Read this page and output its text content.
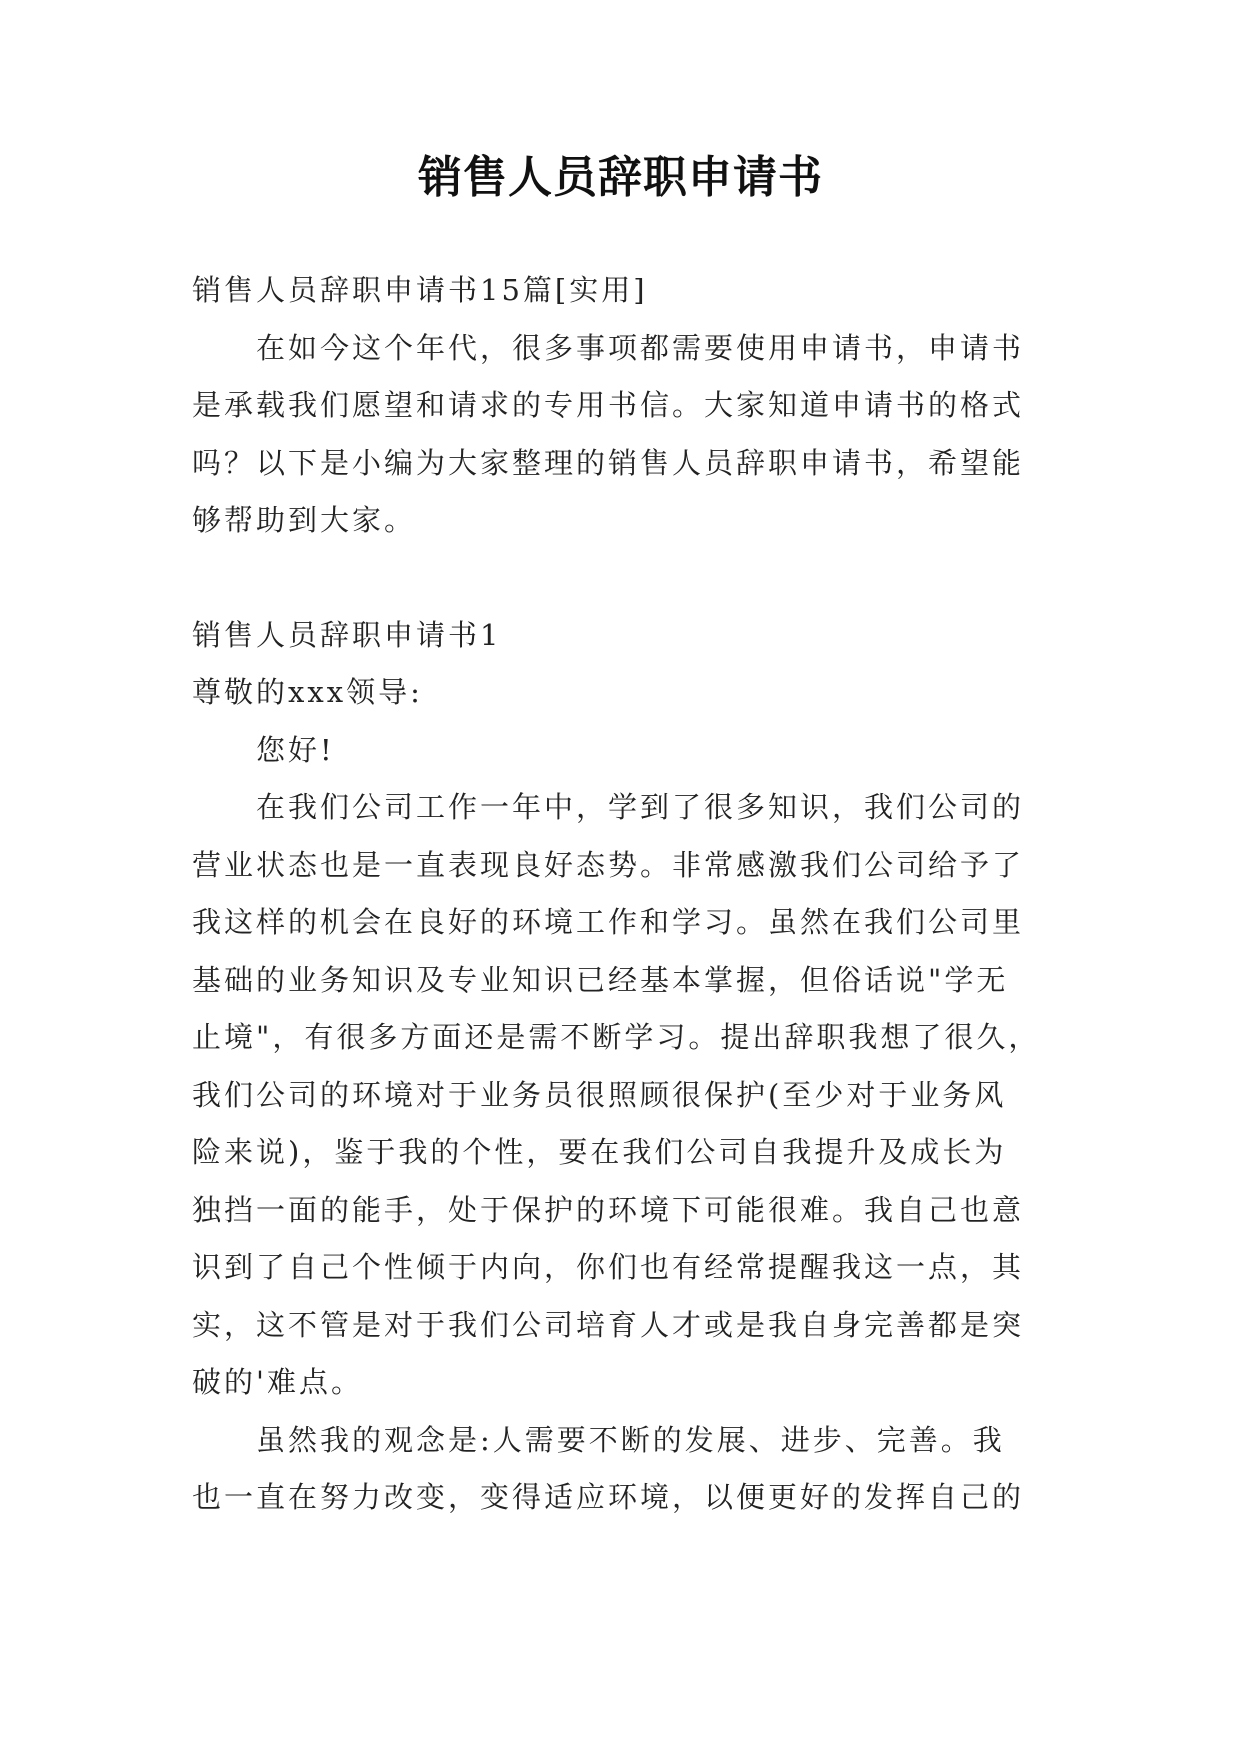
销售人员辞职申请书

销售人员辞职申请书15篇[实用]

在如今这个年代，很多事项都需要使用申请书，申请书

是承载我们愿望和请求的专用书信。大家知道申请书的格式

吗？以下是小编为大家整理的销售人员辞职申请书，希望能

够帮助到大家。

销售人员辞职申请书1

尊敬的xxx领导:

您好!

在我们公司工作一年中，学到了很多知识，我们公司的

营业状态也是一直表现良好态势。非常感激我们公司给予了

我这样的机会在良好的环境工作和学习。虽然在我们公司里

基础的业务知识及专业知识已经基本掌握，但俗话说"学无

止境"，有很多方面还是需不断学习。提出辞职我想了很久，

我们公司的环境对于业务员很照顾很保护(至少对于业务风

险来说)，鉴于我的个性，要在我们公司自我提升及成长为

独挡一面的能手，处于保护的环境下可能很难。我自己也意

识到了自己个性倾于内向，你们也有经常提醒我这一点，其

实，这不管是对于我们公司培育人才或是我自身完善都是突

破的'难点。

虽然我的观念是:人需要不断的发展、进步、完善。我

也一直在努力改变，变得适应环境，以便更好的发挥自己的
